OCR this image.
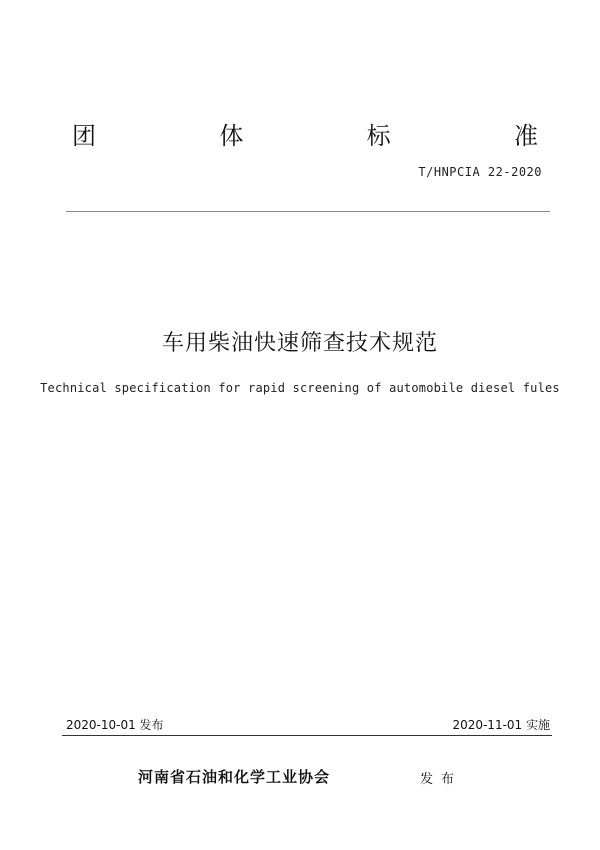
团	体	标	准
T/HNPCIA 22-2020
车用柴油快速筛查技术规范
Technical specification for rapid screening of automobile diesel fules
2020-10-01 发布	2020-11-01 实施
河南省石油和化学工业协会	发布
